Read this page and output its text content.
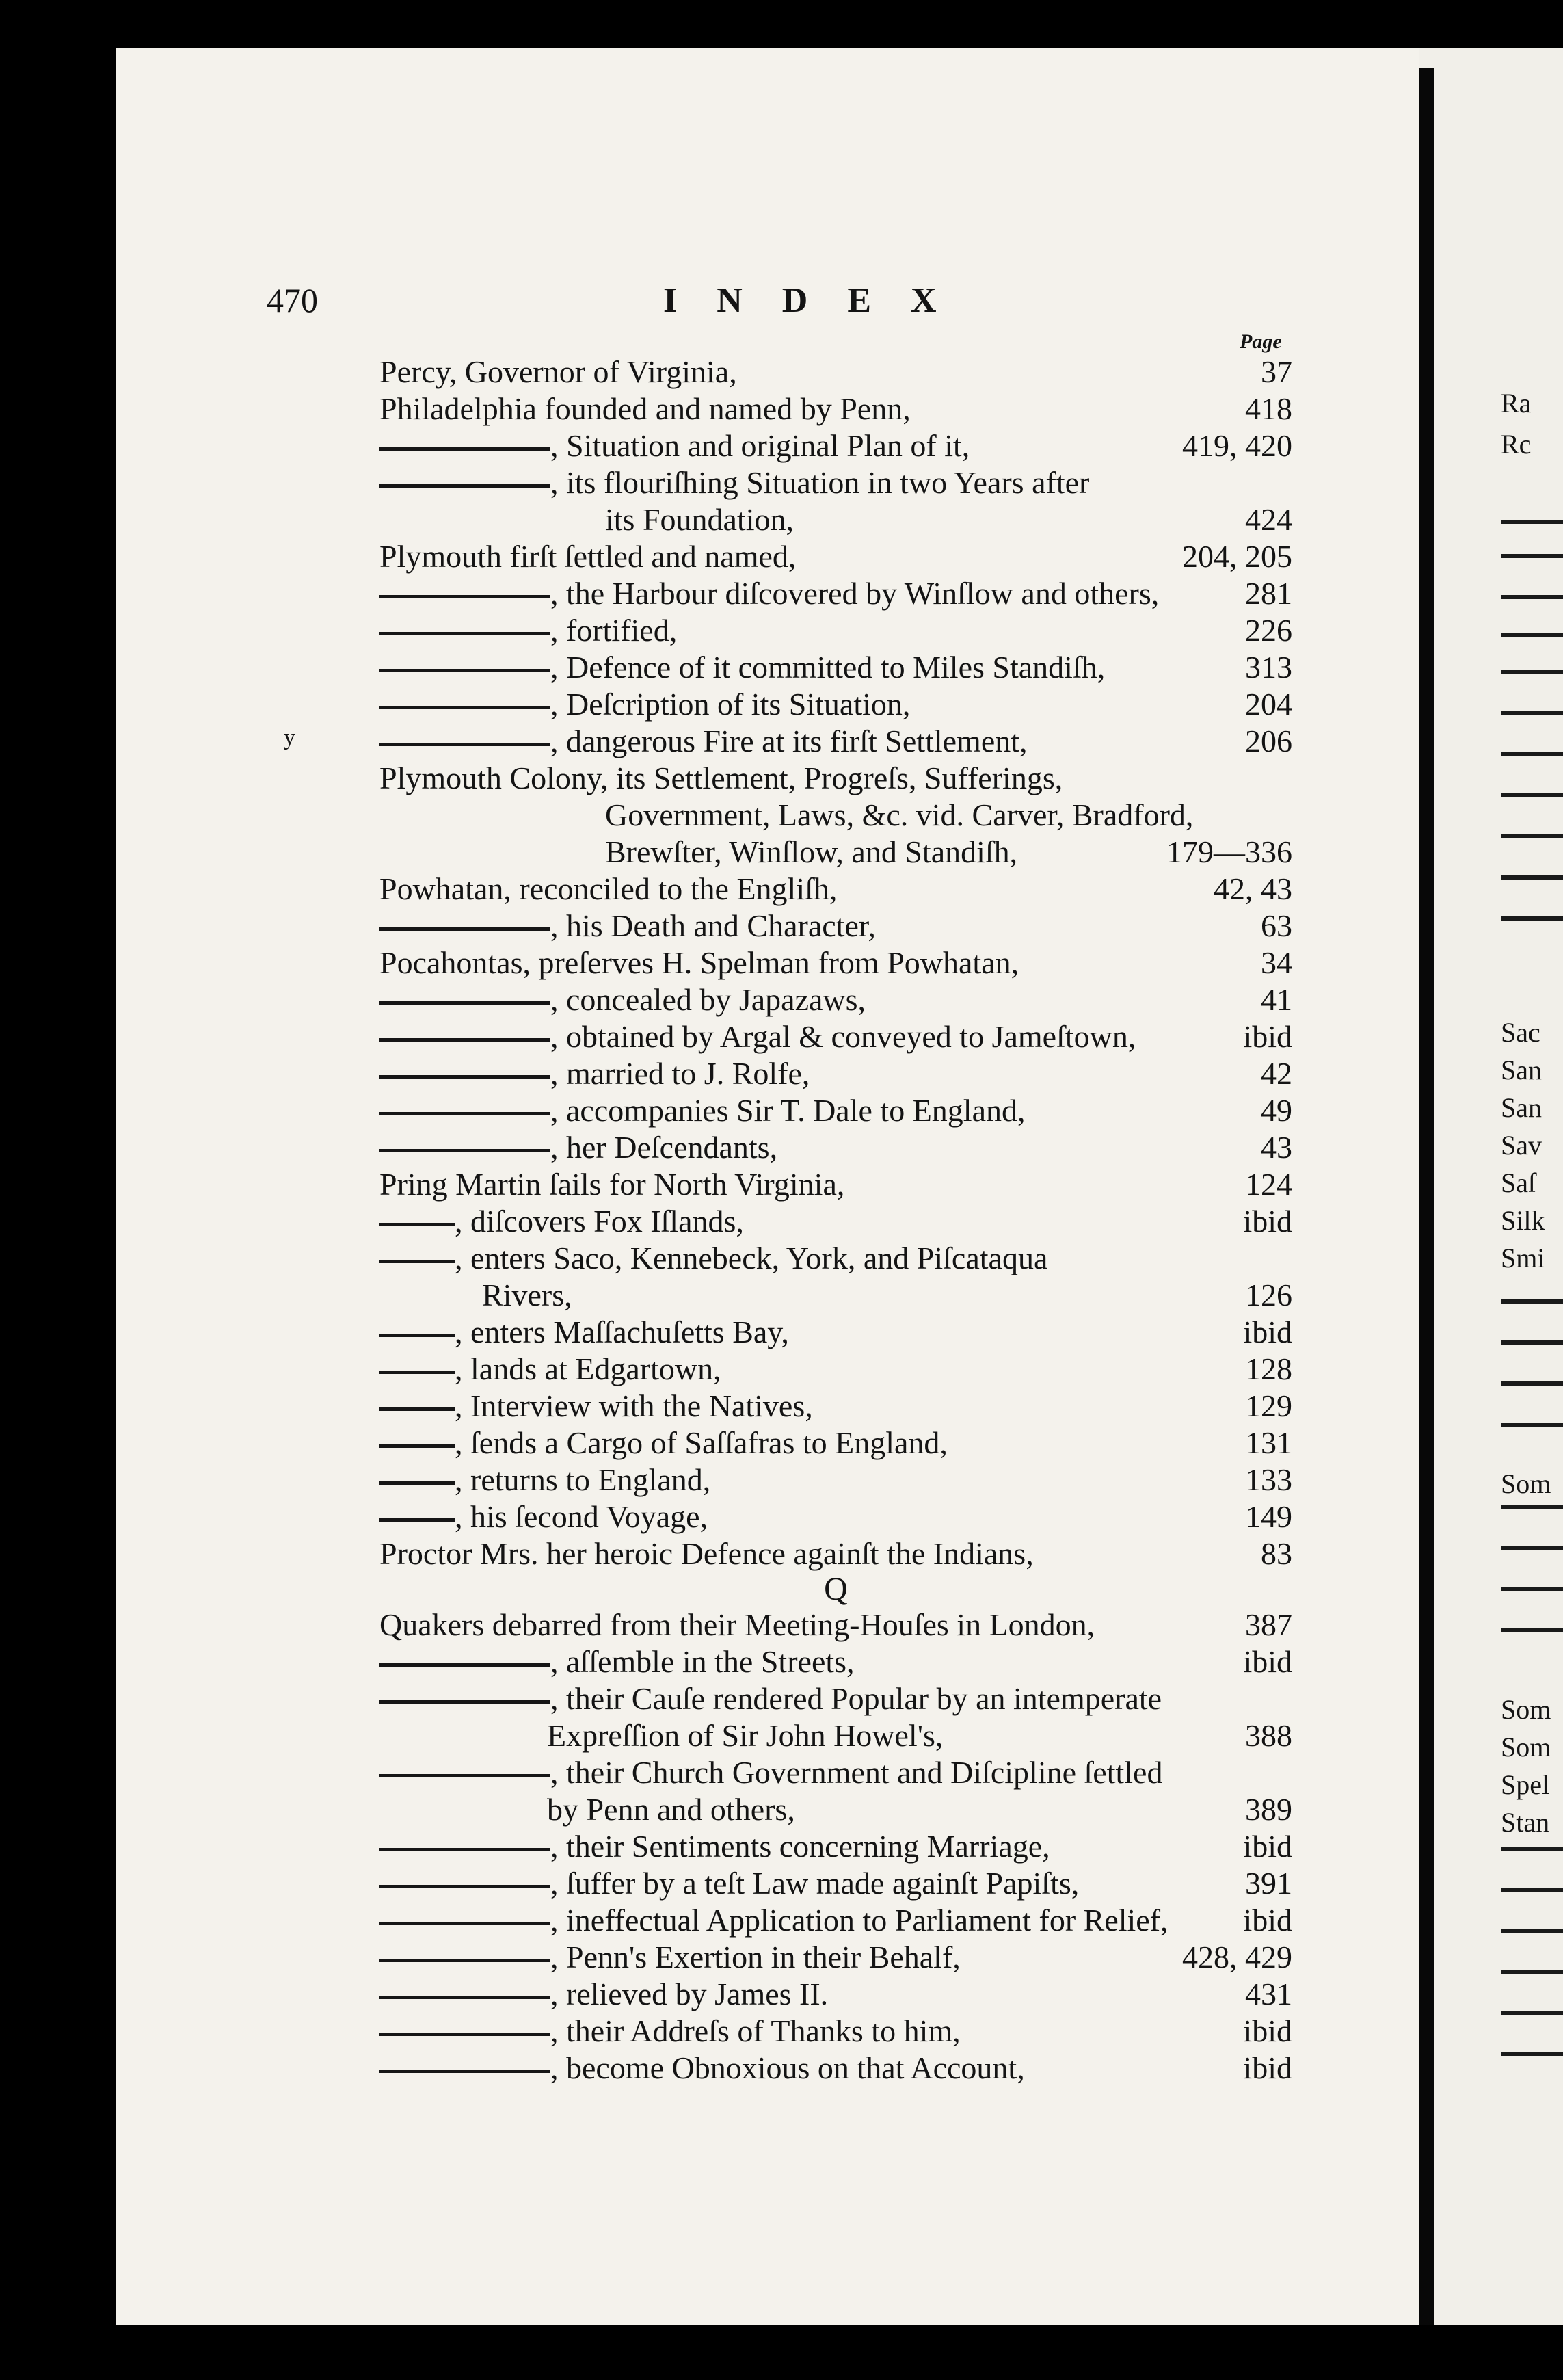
Ra
Rc
Sac
San
San
Sav
Saſ
Silk
Smi
Som
Som
Som
Spel
Stan
470	INDEX
Page
y
Percy, Governor of Virginia,	37
Philadelphia founded and named by Penn,	418
, Situation and original Plan of it,	419, 420
, its flouriſhing Situation in two Years after
its Foundation,	424
Plymouth firſt ſettled and named,	204, 205
, the Harbour diſcovered by Winſlow and others,	281
, fortified,	226
, Defence of it committed to Miles Standiſh,	313
, Deſcription of its Situation,	204
, dangerous Fire at its firſt Settlement,	206
Plymouth Colony, its Settlement, Progreſs, Sufferings,
Government, Laws, &c. vid. Carver, Bradford,
Brewſter, Winſlow, and Standiſh,	179—336
Powhatan, reconciled to the Engliſh,	42, 43
, his Death and Character,	63
Pocahontas, preſerves H. Spelman from Powhatan,	34
, concealed by Japazaws,	41
, obtained by Argal & conveyed to Jameſtown,	ibid
, married to J. Rolfe,	42
, accompanies Sir T. Dale to England,	49
, her Deſcendants,	43
Pring Martin ſails for North Virginia,	124
, diſcovers Fox Iſlands,	ibid
, enters Saco, Kennebeck, York, and Piſcataqua
Rivers,	126
, enters Maſſachuſetts Bay,	ibid
, lands at Edgartown,	128
, Interview with the Natives,	129
, ſends a Cargo of Saſſafras to England,	131
, returns to England,	133
, his ſecond Voyage,	149
Proctor Mrs. her heroic Defence againſt the Indians,	83
Q
Quakers debarred from their Meeting-Houſes in London,	387
, aſſemble in the Streets,	ibid
, their Cauſe rendered Popular by an intemperate
Expreſſion of Sir John Howel's,	388
, their Church Government and Diſcipline ſettled
by Penn and others,	389
, their Sentiments concerning Marriage,	ibid
, ſuffer by a teſt Law made againſt Papiſts,	391
, ineffectual Application to Parliament for Relief, ibid
, Penn's Exertion in their Behalf,	428, 429
, relieved by James II.	431
, their Addreſs of Thanks to him,	ibid
, become Obnoxious on that Account,	ibid
